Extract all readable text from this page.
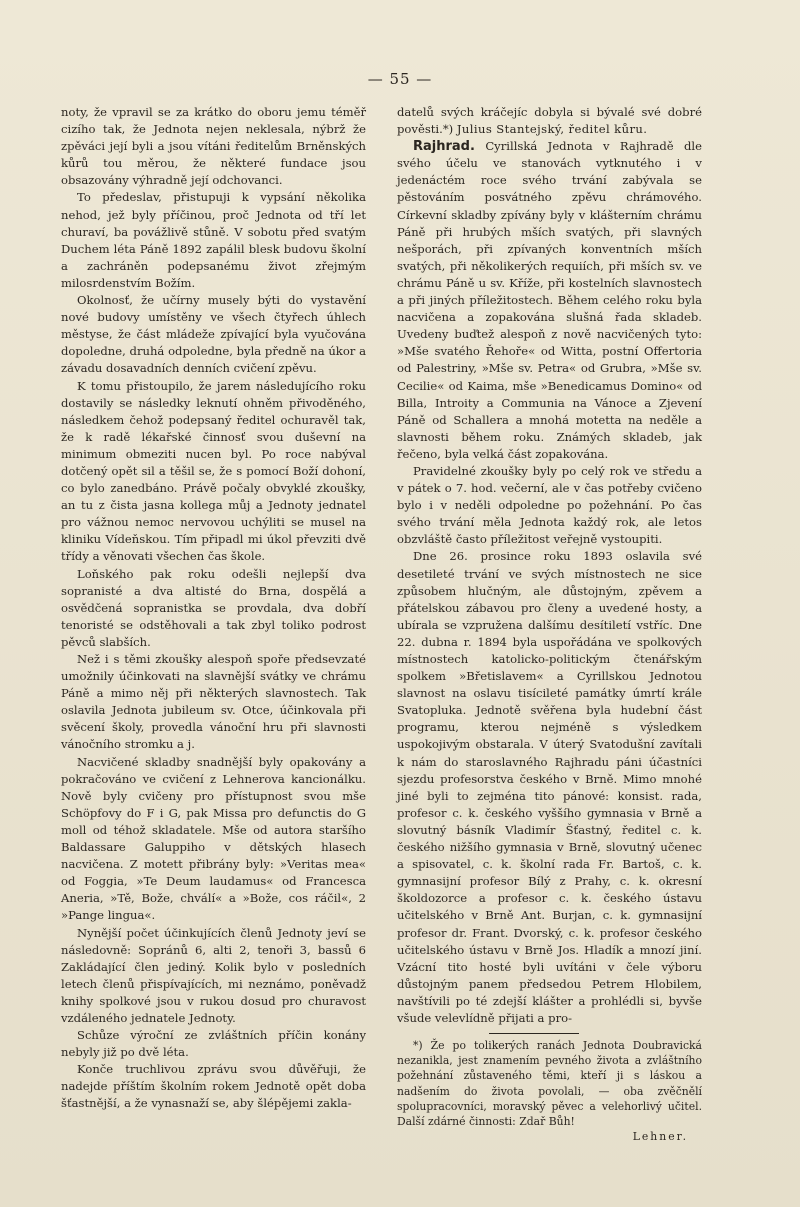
— 55 —

noty, že vpravil se za krátko do oboru jemu téměř cizího tak, že Jednota nejen neklesala, nýbrž že zpěváci její byli a jsou vítáni ředitelům Brněnských kůrů tou měrou, že některé fundace jsou obsazovány výhradně její odchovanci.

To předeslav, přistupuji k vypsání několika nehod, jež byly příčinou, proč Jednota od tří let churaví, ba povážlivě stůně. V sobotu před svatým Duchem léta Páně 1892 zapálil blesk budovu školní a zachráněn podepsanému život zřejmým milosrdenstvím Božím.

Okolnosť, že učírny musely býti do vystavění nové budovy umístěny ve všech čtyřech úhlech městyse, že část mládeže zpívající byla vyučována dopoledne, druhá odpoledne, byla předně na úkor a závadu dosavadních denních cvičení zpěvu.

K tomu přistoupilo, že jarem následujícího roku dostavily se následky leknutí ohněm přivoděného, následkem čehož podepsaný ředitel ochuravěl tak, že k radě lékařské činnosť svou duševní na minimum obmeziti nucen byl. Po roce nabýval dotčený opět sil a těšil se, že s pomocí Boží dohoní, co bylo zanedbáno. Právě počaly obvyklé zkoušky, an tu z čista jasna kollega můj a Jednoty jednatel pro vážnou nemoc nervovou uchýliti se musel na kliniku Vídeňskou. Tím připadl mi úkol převziti dvě třídy a věnovati všechen čas škole.

Loňského pak roku odešli nejlepší dva sopranisté a dva altisté do Brna, dospělá a osvědčená sopranistka se provdala, dva dobří tenoristé se odstěhovali a tak zbyl toliko podrost pěvců slabších.

Než i s těmi zkoušky alespoň spoře předsevzaté umožnily účinkovati na slavnější svátky ve chrámu Páně a mimo něj při některých slavnostech. Tak oslavila Jednota jubileum sv. Otce, účinkovala při svěcení školy, provedla vánoční hru při slavnosti vánočního stromku a j.

Nacvičené skladby snadnější byly opakovány a pokračováno ve cvičení z Lehnerova kancionálku. Nově byly cvičeny pro přístupnost svou mše Schöpfovy do F i G, pak Missa pro defunctis do G moll od téhož skladatele. Mše od autora staršího Baldassare Galuppiho v dětských hlasech nacvičena. Z motett přibrány byly: »Veritas mea« od Foggia, »Te Deum laudamus« od Francesca Aneria, »Tě, Bože, chválí« a »Bože, cos ráčil«, 2 »Pange lingua«.

Nynější počet účinkujících členů Jednoty jeví se následovně: Sopránů 6, alti 2, tenoři 3, bassů 6 Zakládající člen jediný. Kolik bylo v posledních letech členů přispívajících, mi neznámo, poněvadž knihy spolkové jsou v rukou dosud pro churavost vzdáleného jednatele Jednoty.

Schůze výroční ze zvláštních příčin konány nebyly již po dvě léta.

Konče truchlivou zprávu svou důvěřuji, že nadejde příštím školním rokem Jednotě opět doba šťastnější, a že vynasnaží se, aby šlépějemi zakla-

datelů svých kráčejíc dobyla si bývalé své dobré pověsti.*) Julius Stantejský, ředitel kůru.

Rajhrad. Cyrillská Jednota v Rajhradě dle svého účelu ve stanovách vytknutého i v jedenáctém roce svého trvání zabývala se pěstováním posvátného zpěvu chrámového. Církevní skladby zpívány byly v klášterním chrámu Páně při hrubých mších svatých, při slavných nešporách, při zpívaných konventních mších svatých, při několikerých requiích, při mších sv. ve chrámu Páně u sv. Kříže, při kostelních slavnostech a při jiných příležitostech. Během celého roku byla nacvičena a zopakována slušná řada skladeb. Uvedeny buďtež alespoň z nově nacvičených tyto: »Mše svatého Řehoře« od Witta, postní Offertoria od Palestriny, »Mše sv. Petra« od Grubra, »Mše sv. Cecilie« od Kaima, mše »Benedicamus Domino« od Billa, Introity a Communia na Vánoce a Zjevení Páně od Schallera a mnohá motetta na neděle a slavnosti během roku. Známých skladeb, jak řečeno, byla velká část zopakována.

Pravidelné zkoušky byly po celý rok ve středu a v pátek o 7. hod. večerní, ale v čas potřeby cvičeno bylo i v neděli odpoledne po požehnání. Po čas svého trvání měla Jednota každý rok, ale letos obzvláště často příležitost veřejně vystoupiti.

Dne 26. prosince roku 1893 oslavila své desetileté trvání ve svých místnostech ne sice způsobem hlučným, ale důstojným, zpěvem a přátelskou zábavou pro členy a uvedené hosty, a ubírala se vzpružena dalšímu desítiletí vstříc. Dne 22. dubna r. 1894 byla uspořádána ve spolkových místnostech katolicko-politickým čtenářským spolkem »Břetislavem« a Cyrillskou Jednotou slavnost na oslavu tisícileté památky úmrtí krále Svatopluka. Jednotě svěřena byla hudební část programu, kterou nejméně s výsledkem uspokojivým obstarala. V úterý Svatodušní zavítali k nám do staroslavného Rajhradu páni účastníci sjezdu profesorstva českého v Brně. Mimo mnohé jiné byli to zejména tito pánové: konsist. rada, profesor c. k. českého vyššího gymnasia v Brně a slovutný básník Vladimír Šťastný, ředitel c. k. českého nižšího gymnasia v Brně, slovutný učenec a spisovatel, c. k. školní rada Fr. Bartoš, c. k. gymnasijní profesor Bílý z Prahy, c. k. okresní školdozorce a profesor c. k. českého ústavu učitelského v Brně Ant. Burjan, c. k. gymnasijní profesor dr. Frant. Dvorský, c. k. profesor českého učitelského ústavu v Brně Jos. Hladík a mnozí jiní. Vzácní tito hosté byli uvítáni v čele výboru důstojným panem předsedou Petrem Hlobilem, navštívili po té zdejší klášter a prohlédli si, byvše všude velevlídně přijati a pro-

*) Že po tolikerých ranách Jednota Doubravická nezanikla, jest znamením pevného života a zvláštního požehnání zůstaveného těmi, kteří ji s láskou a nadšením do života povolali, — oba zvěčnělí spolupracovníci, moravský pěvec a velehorlivý učitel. Další zdárné činnosti: Zdař Bůh!

Lehner.
